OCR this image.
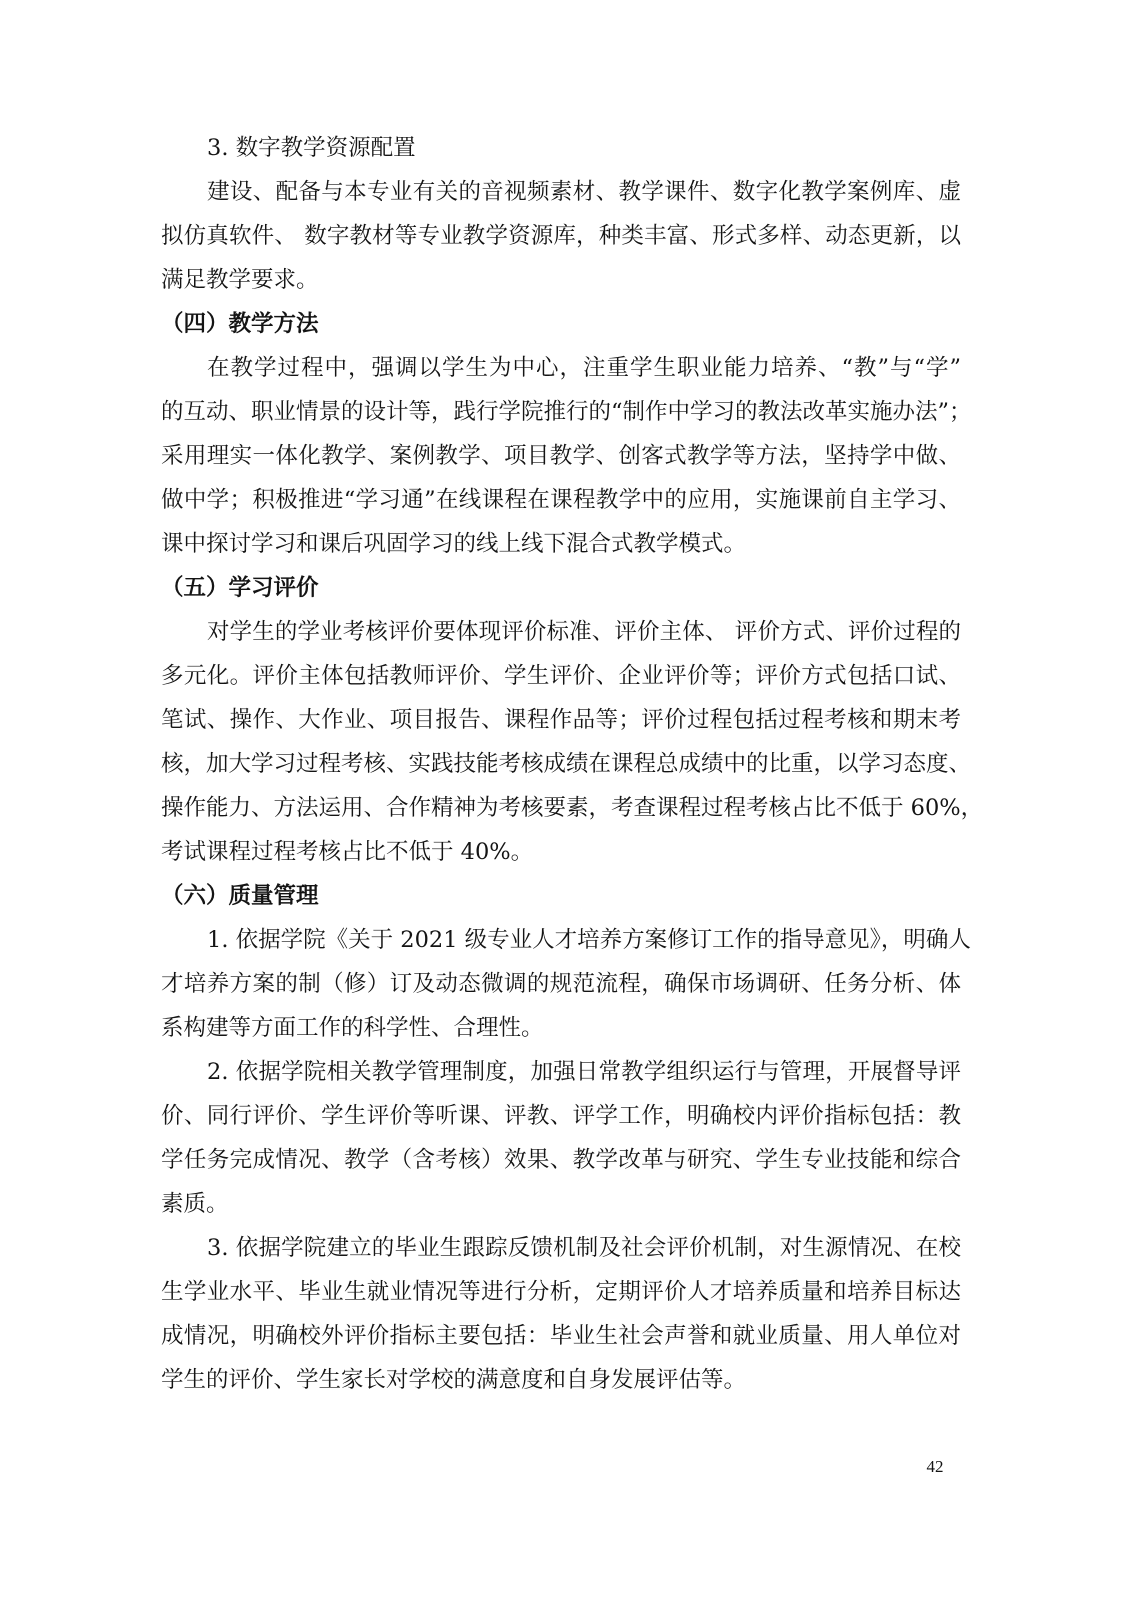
3. 数字教学资源配置
建设、配备与本专业有关的音视频素材、教学课件、数字化教学案例库、虚
拟仿真软件、 数字教材等专业教学资源库，种类丰富、形式多样、动态更新，以
满足教学要求。
（四）教学方法
在教学过程中，强调以学生为中心，注重学生职业能力培养、“教”与“学”
的互动、职业情景的设计等，践行学院推行的“制作中学习的教法改革实施办法”；
采用理实一体化教学、案例教学、项目教学、创客式教学等方法，坚持学中做、
做中学；积极推进“学习通”在线课程在课程教学中的应用，实施课前自主学习、
课中探讨学习和课后巩固学习的线上线下混合式教学模式。
（五）学习评价
对学生的学业考核评价要体现评价标准、评价主体、 评价方式、评价过程的
多元化。评价主体包括教师评价、学生评价、企业评价等；评价方式包括口试、
笔试、操作、大作业、项目报告、课程作品等；评价过程包括过程考核和期末考
核，加大学习过程考核、实践技能考核成绩在课程总成绩中的比重，以学习态度、
操作能力、方法运用、合作精神为考核要素，考查课程过程考核占比不低于 60%，
考试课程过程考核占比不低于 40%。
（六）质量管理
1. 依据学院《关于 2021 级专业人才培养方案修订工作的指导意见》，明确人
才培养方案的制（修）订及动态微调的规范流程，确保市场调研、任务分析、体
系构建等方面工作的科学性、合理性。
2. 依据学院相关教学管理制度，加强日常教学组织运行与管理，开展督导评
价、同行评价、学生评价等听课、评教、评学工作，明确校内评价指标包括：教
学任务完成情况、教学（含考核）效果、教学改革与研究、学生专业技能和综合
素质。
3. 依据学院建立的毕业生跟踪反馈机制及社会评价机制，对生源情况、在校
生学业水平、毕业生就业情况等进行分析，定期评价人才培养质量和培养目标达
成情况，明确校外评价指标主要包括：毕业生社会声誉和就业质量、用人单位对
学生的评价、学生家长对学校的满意度和自身发展评估等。
42
